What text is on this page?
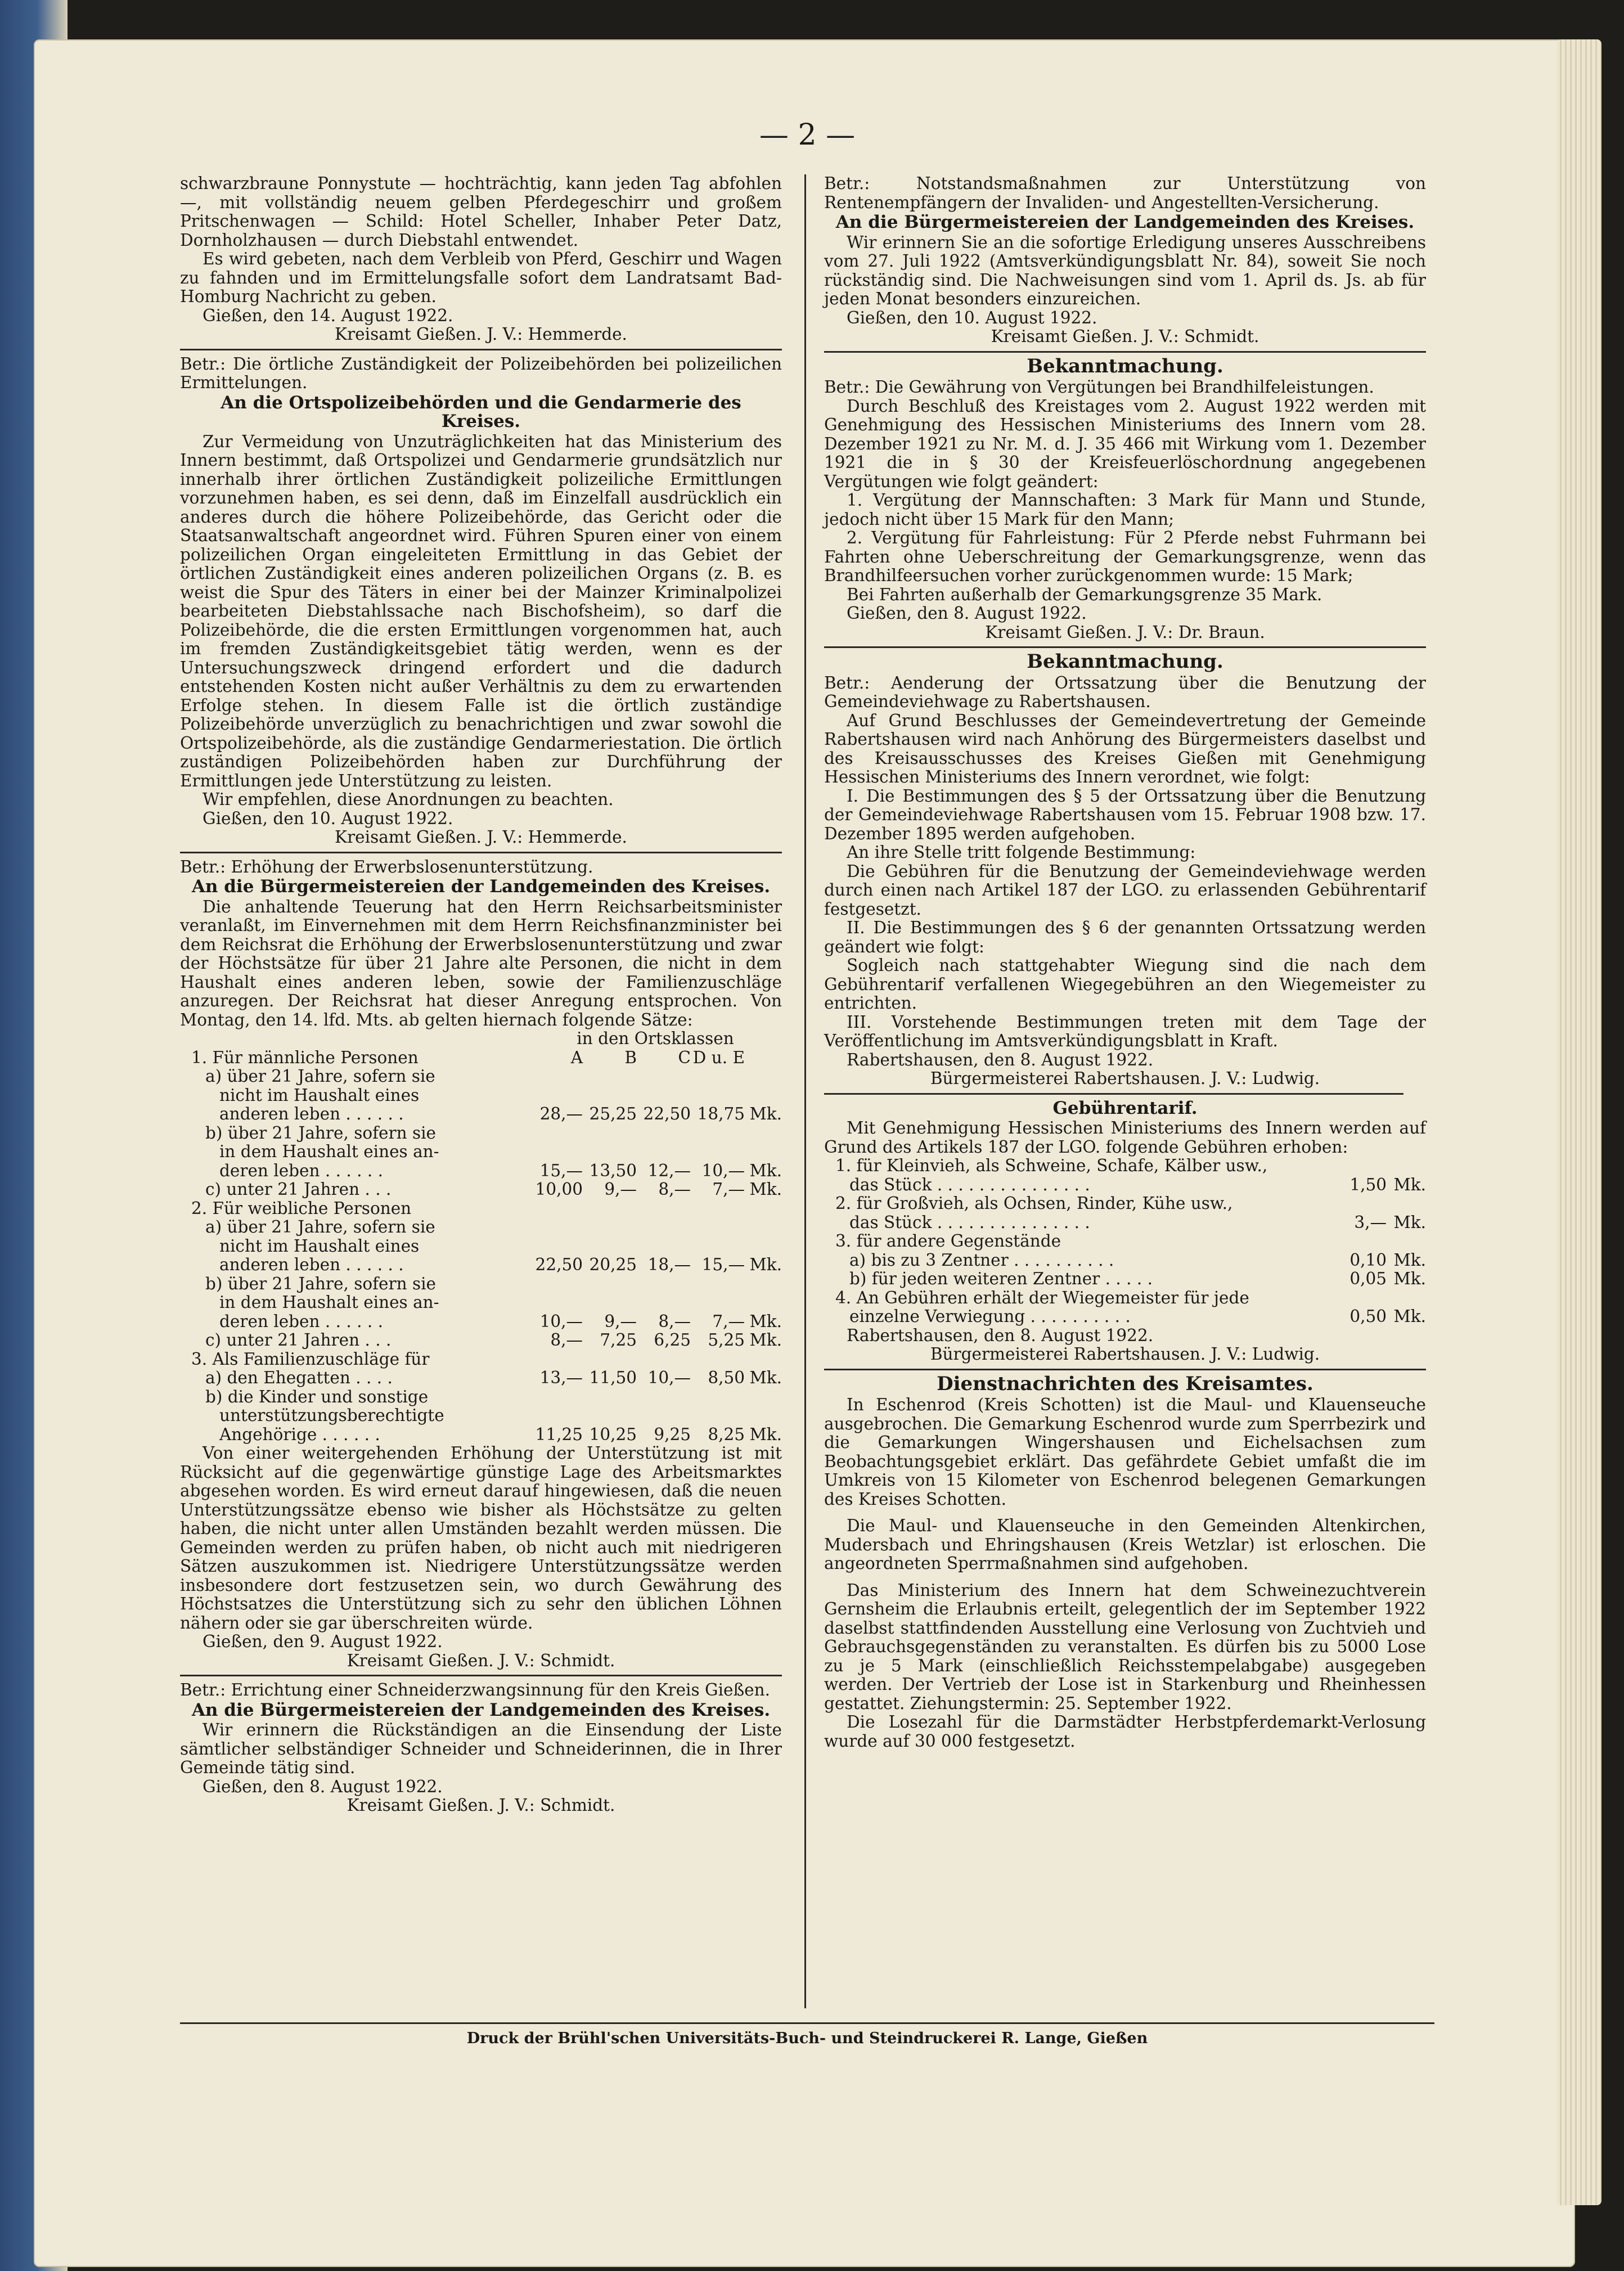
— 2 —

schwarzbraune Ponnystute — hochträchtig, kann jeden Tag abfohlen —, mit vollständig neuem gelben Pferdegeschirr und großem Pritschenwagen — Schild: Hotel Scheller, Inhaber Peter Datz, Dornholzhausen — durch Diebstahl entwendet.

Es wird gebeten, nach dem Verbleib von Pferd, Geschirr und Wagen zu fahnden und im Ermittelungsfalle sofort dem Landratsamt Bad-Homburg Nachricht zu geben.

Gießen, den 14. August 1922.
Kreisamt Gießen. J. V.: Hemmerde.

Betr.: Die örtliche Zuständigkeit der Polizeibehörden bei polizeilichen Ermittelungen.

An die Ortspolizeibehörden und die Gendarmerie des Kreises.

Zur Vermeidung von Unzuträglichkeiten hat das Ministerium des Innern bestimmt, daß Ortspolizei und Gendarmerie grundsätzlich nur innerhalb ihrer örtlichen Zuständigkeit polizeiliche Ermittlungen vorzunehmen haben, es sei denn, daß im Einzelfall ausdrücklich ein anderes durch die höhere Polizeibehörde, das Gericht oder die Staatsanwaltschaft angeordnet wird. Führen Spuren einer von einem polizeilichen Organ eingeleiteten Ermittlung in das Gebiet der örtlichen Zuständigkeit eines anderen polizeilichen Organs (z. B. es weist die Spur des Täters in einer bei der Mainzer Kriminalpolizei bearbeiteten Diebstahlssache nach Bischofsheim), so darf die Polizeibehörde, die die ersten Ermittlungen vorgenommen hat, auch im fremden Zuständigkeitsgebiet tätig werden, wenn es der Untersuchungszweck dringend erfordert und die dadurch entstehenden Kosten nicht außer Verhältnis zu dem zu erwartenden Erfolge stehen. In diesem Falle ist die örtlich zuständige Polizeibehörde unverzüglich zu benachrichtigen und zwar sowohl die Ortspolizeibehörde, als die zuständige Gendarmeriestation. Die örtlich zuständigen Polizeibehörden haben zur Durchführung der Ermittlungen jede Unterstützung zu leisten.

Wir empfehlen, diese Anordnungen zu beachten.

Gießen, den 10. August 1922.
Kreisamt Gießen. J. V.: Hemmerde.

Betr.: Erhöhung der Erwerbslosenunterstützung.

An die Bürgermeistereien der Landgemeinden des Kreises.

Die anhaltende Teuerung hat den Herrn Reichsarbeitsminister veranlaßt, im Einvernehmen mit dem Herrn Reichsfinanzminister bei dem Reichsrat die Erhöhung der Erwerbslosenunterstützung und zwar der Höchstsätze für über 21 Jahre alte Personen, die nicht in dem Haushalt eines anderen leben, sowie der Familienzuschläge anzuregen. Der Reichsrat hat dieser Anregung entsprochen. Von Montag, den 14. lfd. Mts. ab gelten hiernach folgende Sätze:

in den Ortsklassen
1. Für männliche Personen	A	B	C D u. E
a) über 21 Jahre, sofern sie
nicht im Haushalt eines
anderen leben . . . . . .	28,— 25,25 22,50 18,75 Mk.
b) über 21 Jahre, sofern sie
in dem Haushalt eines an-
deren leben . . . . . .	15,— 13,50 12,— 10,— Mk.
c) unter 21 Jahren . . .	10,00	9,—	8,—	7,— Mk.
2. Für weibliche Personen
a) über 21 Jahre, sofern sie
nicht im Haushalt eines
anderen leben . . . . . .	22,50 20,25 18,— 15,— Mk.
b) über 21 Jahre, sofern sie
in dem Haushalt eines an-
deren leben . . . . . .	10,—	9,—	8,—	7,— Mk.
c) unter 21 Jahren . . .	8,—	7,25	6,25	5,25 Mk.
3. Als Familienzuschläge für
a) den Ehegatten . . . .	13,— 11,50 10,—	8,50 Mk.
b) die Kinder und sonstige
unterstützungsberechtigte
Angehörige . . . . . .	11,25 10,25	9,25	8,25 Mk.

Von einer weitergehenden Erhöhung der Unterstützung ist mit Rücksicht auf die gegenwärtige günstige Lage des Arbeitsmarktes abgesehen worden. Es wird erneut darauf hingewiesen, daß die neuen Unterstützungssätze ebenso wie bisher als Höchstsätze zu gelten haben, die nicht unter allen Umständen bezahlt werden müssen. Die Gemeinden werden zu prüfen haben, ob nicht auch mit niedrigeren Sätzen auszukommen ist. Niedrigere Unterstützungssätze werden insbesondere dort festzusetzen sein, wo durch Gewährung des Höchstsatzes die Unterstützung sich zu sehr den üblichen Löhnen nähern oder sie gar überschreiten würde.

Gießen, den 9. August 1922.
Kreisamt Gießen. J. V.: Schmidt.

Betr.: Errichtung einer Schneiderzwangsinnung für den Kreis Gießen.

An die Bürgermeistereien der Landgemeinden des Kreises.

Wir erinnern die Rückständigen an die Einsendung der Liste sämtlicher selbständiger Schneider und Schneiderinnen, die in Ihrer Gemeinde tätig sind.

Gießen, den 8. August 1922.
Kreisamt Gießen. J. V.: Schmidt.

Betr.: Notstandsmaßnahmen zur Unterstützung von Rentenempfängern der Invaliden- und Angestellten-Versicherung.

An die Bürgermeistereien der Landgemeinden des Kreises.

Wir erinnern Sie an die sofortige Erledigung unseres Ausschreibens vom 27. Juli 1922 (Amtsverkündigungsblatt Nr. 84), soweit Sie noch rückständig sind. Die Nachweisungen sind vom 1. April ds. Js. ab für jeden Monat besonders einzureichen.

Gießen, den 10. August 1922.
Kreisamt Gießen. J. V.: Schmidt.
Bekanntmachung.

Betr.: Die Gewährung von Vergütungen bei Brandhilfeleistungen.

Durch Beschluß des Kreistages vom 2. August 1922 werden mit Genehmigung des Hessischen Ministeriums des Innern vom 28. Dezember 1921 zu Nr. M. d. J. 35 466 mit Wirkung vom 1. Dezember 1921 die in § 30 der Kreisfeuerlöschordnung angegebenen Vergütungen wie folgt geändert:

1. Vergütung der Mannschaften: 3 Mark für Mann und Stunde, jedoch nicht über 15 Mark für den Mann;

2. Vergütung für Fahrleistung: Für 2 Pferde nebst Fuhrmann bei Fahrten ohne Ueberschreitung der Gemarkungsgrenze, wenn das Brandhilfeersuchen vorher zurückgenommen wurde: 15 Mark;

Bei Fahrten außerhalb der Gemarkungsgrenze 35 Mark.

Gießen, den 8. August 1922.
Kreisamt Gießen. J. V.: Dr. Braun.
Bekanntmachung.

Betr.: Aenderung der Ortssatzung über die Benutzung der Gemeindeviehwage zu Rabertshausen.

Auf Grund Beschlusses der Gemeindevertretung der Gemeinde Rabertshausen wird nach Anhörung des Bürgermeisters daselbst und des Kreisausschusses des Kreises Gießen mit Genehmigung Hessischen Ministeriums des Innern verordnet, wie folgt:

I. Die Bestimmungen des § 5 der Ortssatzung über die Benutzung der Gemeindeviehwage Rabertshausen vom 15. Februar 1908 bzw. 17. Dezember 1895 werden aufgehoben.

An ihre Stelle tritt folgende Bestimmung:

Die Gebühren für die Benutzung der Gemeindeviehwage werden durch einen nach Artikel 187 der LGO. zu erlassenden Gebührentarif festgesetzt.

II. Die Bestimmungen des § 6 der genannten Ortssatzung werden geändert wie folgt:

Sogleich nach stattgehabter Wiegung sind die nach dem Gebührentarif verfallenen Wiegegebühren an den Wiegemeister zu entrichten.

III. Vorstehende Bestimmungen treten mit dem Tage der Veröffentlichung im Amtsverkündigungsblatt in Kraft.

Rabertshausen, den 8. August 1922.
Bürgermeisterei Rabertshausen. J. V.: Ludwig.
Gebührentarif.

Mit Genehmigung Hessischen Ministeriums des Innern werden auf Grund des Artikels 187 der LGO. folgende Gebühren erhoben:

1. für Kleinvieh, als Schweine, Schafe, Kälber usw.,
das Stück . . . . . . . . . . . . . . .	1,50 Mk.
2. für Großvieh, als Ochsen, Rinder, Kühe usw.,
das Stück . . . . . . . . . . . . . . .	3,— Mk.
3. für andere Gegenstände
a) bis zu 3 Zentner . . . . . . . . . .	0,10 Mk.
b) für jeden weiteren Zentner . . . . .	0,05 Mk.
4. An Gebühren erhält der Wiegemeister für jede
einzelne Verwiegung . . . . . . . . . .	0,50 Mk.
Rabertshausen, den 8. August 1922.
Bürgermeisterei Rabertshausen. J. V.: Ludwig.
Dienstnachrichten des Kreisamtes.

In Eschenrod (Kreis Schotten) ist die Maul- und Klauenseuche ausgebrochen. Die Gemarkung Eschenrod wurde zum Sperrbezirk und die Gemarkungen Wingershausen und Eichelsachsen zum Beobachtungsgebiet erklärt. Das gefährdete Gebiet umfaßt die im Umkreis von 15 Kilometer von Eschenrod belegenen Gemarkungen des Kreises Schotten.

Die Maul- und Klauenseuche in den Gemeinden Altenkirchen, Mudersbach und Ehringshausen (Kreis Wetzlar) ist erloschen. Die angeordneten Sperrmaßnahmen sind aufgehoben.

Das Ministerium des Innern hat dem Schweinezuchtverein Gernsheim die Erlaubnis erteilt, gelegentlich der im September 1922 daselbst stattfindenden Ausstellung eine Verlosung von Zuchtvieh und Gebrauchsgegenständen zu veranstalten. Es dürfen bis zu 5000 Lose zu je 5 Mark (einschließlich Reichsstempelabgabe) ausgegeben werden. Der Vertrieb der Lose ist in Starkenburg und Rheinhessen gestattet. Ziehungstermin: 25. September 1922.

Die Losezahl für die Darmstädter Herbstpferdemarkt-Verlosung wurde auf 30 000 festgesetzt.

Druck der Brühl'schen Universitäts-Buch- und Steindruckerei R. Lange, Gießen
